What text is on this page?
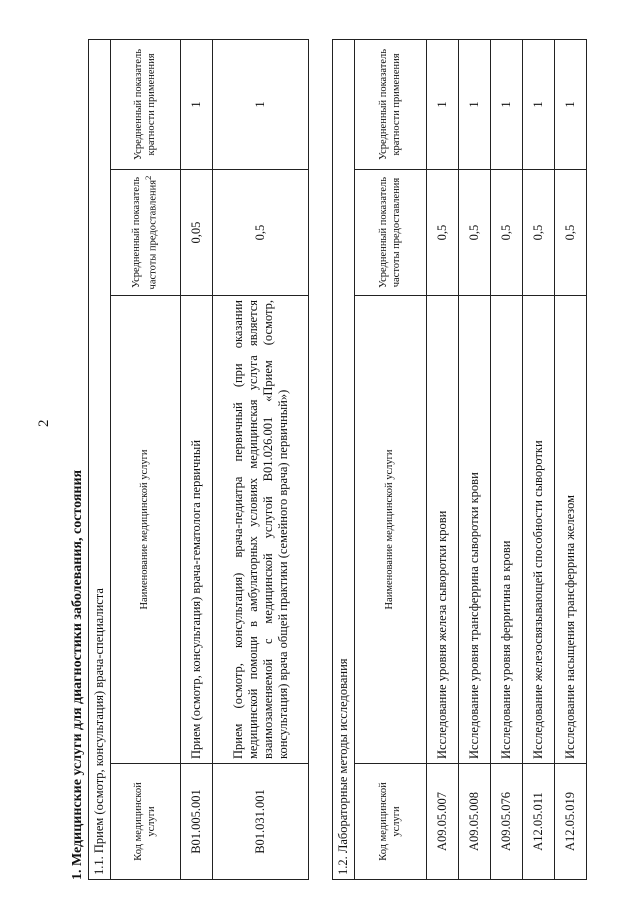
2
1. Медицинские услуги для диагностики заболевания, состояния 1.1. Прием (осмотр, консультация) врача-специалиста			
Код медицинской услуги	Наименование медицинской услуги	Усредненный показатель частоты предоставления$^2$	Усредненный показатель кратности применения
B01.005.001	Прием (осмотр, консультация) врача-гематолога первичный	0,05	1
B01.031.001	Прием (осмотр, консультация) врача-педиатра первичный (при оказании медицинской помощи в амбулаторных условиях медицинская услуга является взаимозаменяемой с медицинской услугой B01.026.001 «Прием (осмотр, консультация) врача общей практики (семейного врача) первичный»)	0,5	1
1.2. Лабораторные методы исследования			
Код медицинской услуги	Наименование медицинской услуги	Усредненный показатель частоты предоставления	Усредненный показатель кратности применения
A09.05.007	Исследование уровня железа сыворотки крови	0,5	1
A09.05.008	Исследование уровня трансферрина сыворотки крови	0,5	1
A09.05.076	Исследование уровня ферритина в крови	0,5	1
A12.05.011	Исследование железосвязывающей способности сыворотки	0,5	1
A12.05.019	Исследование насыщения трансферрина железом	0,5	1
